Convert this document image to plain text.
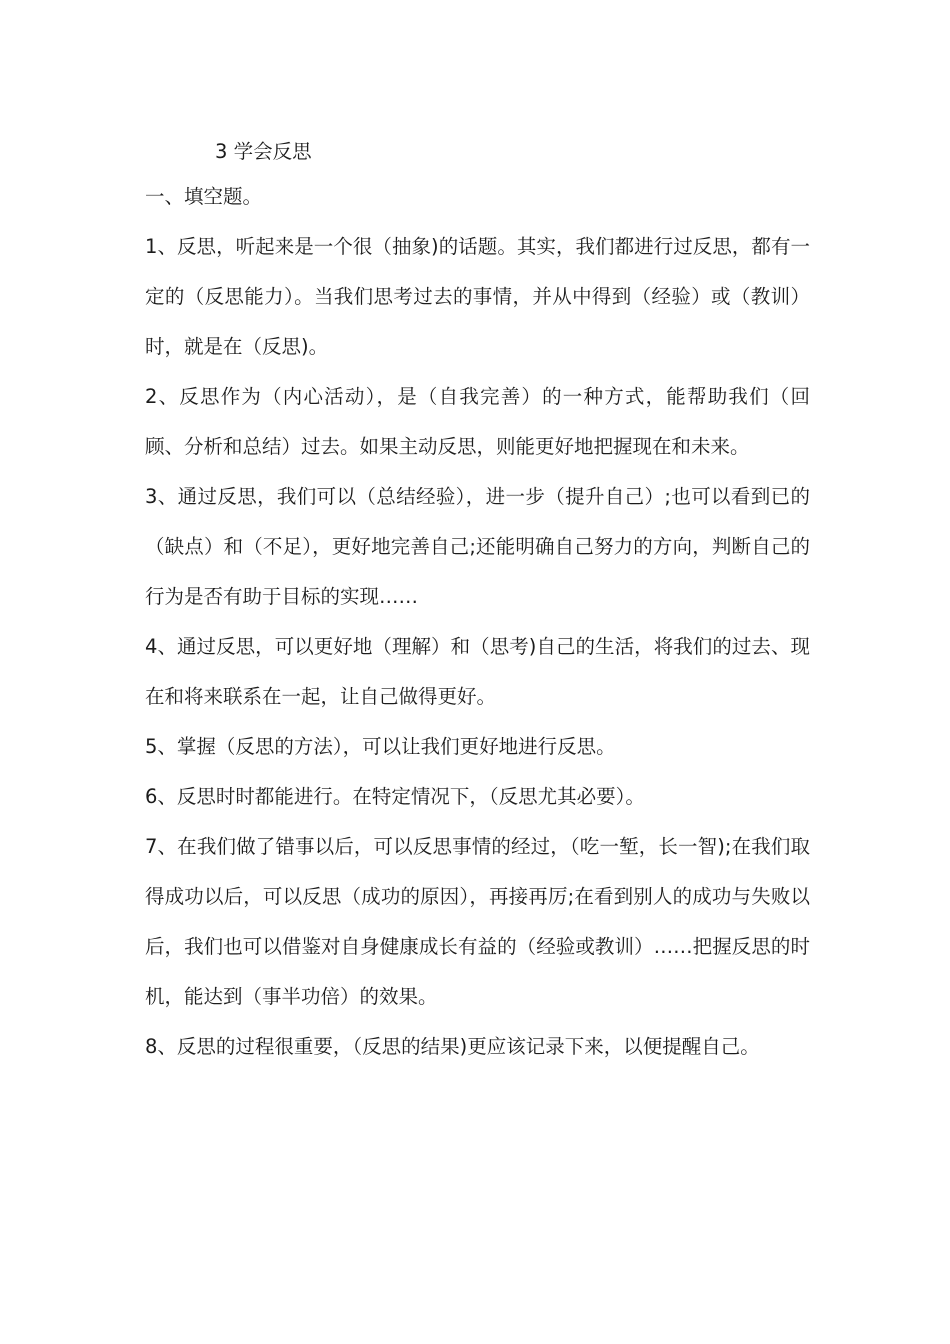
3 学会反思
一、填空题。

1、反思，听起来是一个很（抽象)的话题。其实，我们都进行过反思，都有一定的（反思能力）。当我们思考过去的事情，并从中得到（经验）或（教训）时，就是在（反思)。

2、反思作为（内心活动），是（自我完善）的一种方式，能帮助我们（回顾、分析和总结）过去。如果主动反思，则能更好地把握现在和未来。

3、通过反思，我们可以（总结经验），进一步（提升自己）;也可以看到已的（缺点）和（不足），更好地完善自己;还能明确自己努力的方向，判断自己的行为是否有助于目标的实现……

4、通过反思，可以更好地（理解）和（思考)自己的生活，将我们的过去、现在和将来联系在一起，让自己做得更好。

5、掌握（反思的方法），可以让我们更好地进行反思。

6、反思时时都能进行。在特定情况下，（反思尤其必要）。

7、在我们做了错事以后，可以反思事情的经过，（吃一堑，长一智);在我们取得成功以后，可以反思（成功的原因），再接再厉;在看到别人的成功与失败以后，我们也可以借鉴对自身健康成长有益的（经验或教训）……把握反思的时机，能达到（事半功倍）的效果。

8、反思的过程很重要，（反思的结果)更应该记录下来，以便提醒自己。
